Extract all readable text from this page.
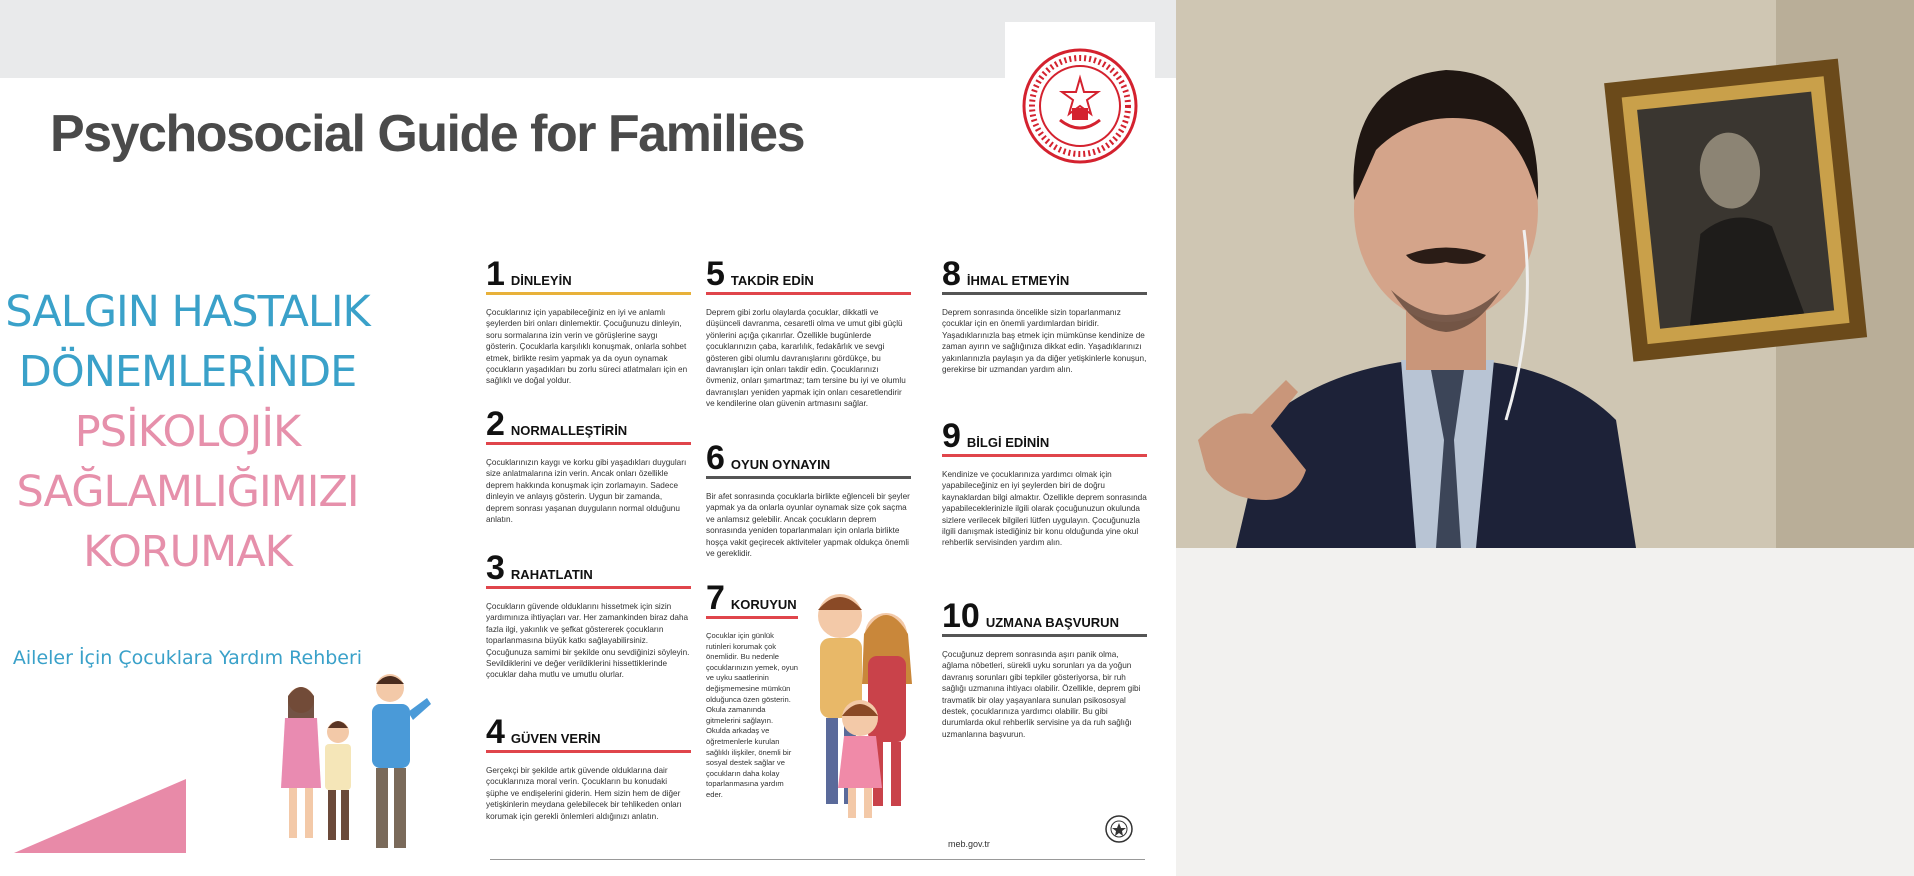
Psychosocial Guide for Families
SALGIN HASTALIK
DÖNEMLERİNDE
PSİKOLOJİK
SAĞLAMLIĞIMIZI
KORUMAK
Aileler İçin Çocuklara Yardım Rehberi
1 DİNLEYİN
Çocuklarınız için yapabileceğiniz en iyi ve anlamlı şeylerden biri onları dinlemektir. Çocuğunuzu dinleyin, soru sormalarına izin verin ve görüşlerine saygı gösterin. Çocuklarla karşılıklı konuşmak, onlarla sohbet etmek, birlikte resim yapmak ya da oyun oynamak çocukların yaşadıkları bu zorlu süreci atlatmaları için en sağlıklı ve doğal yoldur.
2 NORMALLEŞTİRİN
Çocuklarınızın kaygı ve korku gibi yaşadıkları duyguları size anlatmalarına izin verin. Ancak onları özellikle deprem hakkında konuşmak için zorlamayın. Sadece dinleyin ve anlayış gösterin. Uygun bir zamanda, deprem sonrası yaşanan duyguların normal olduğunu anlatın.
3 RAHATLATIN
Çocukların güvende olduklarını hissetmek için sizin yardımınıza ihtiyaçları var. Her zamankinden biraz daha fazla ilgi, yakınlık ve şefkat göstererek çocukların toparlanmasına büyük katkı sağlayabilirsiniz. Çocuğunuza samimi bir şekilde onu sevdiğinizi söyleyin. Sevildiklerini ve değer verildiklerini hissettiklerinde çocuklar daha mutlu ve umutlu olurlar.
4 GÜVEN VERİN
Gerçekçi bir şekilde artık güvende olduklarına dair çocuklarınıza moral verin. Çocukların bu konudaki şüphe ve endişelerini giderin. Hem sizin hem de diğer yetişkinlerin meydana gelebilecek bir tehlikeden onları korumak için gerekli önlemleri aldığınızı anlatın.
5 TAKDİR EDİN
Deprem gibi zorlu olaylarda çocuklar, dikkatli ve düşünceli davranma, cesaretli olma ve umut gibi güçlü yönlerini açığa çıkarırlar. Özellikle bugünlerde çocuklarınızın çaba, kararlılık, fedakârlık ve sevgi gösteren gibi olumlu davranışlarını gördükçe, bu davranışları için onları takdir edin. Çocuklarınızı övmeniz, onları şımartmaz; tam tersine bu iyi ve olumlu davranışları yeniden yapmak için onları cesaretlendirir ve kendilerine olan güvenin artmasını sağlar.
6 OYUN OYNAYIN
Bir afet sonrasında çocuklarla birlikte eğlenceli bir şeyler yapmak ya da onlarla oyunlar oynamak size çok saçma ve anlamsız gelebilir. Ancak çocukların deprem sonrasında yeniden toparlanmaları için onlarla birlikte hoşça vakit geçirecek aktiviteler yapmak oldukça önemli ve gereklidir.
7 KORUYUN
Çocuklar için günlük rutinleri korumak çok önemlidir. Bu nedenle çocuklarınızın yemek, oyun ve uyku saatlerinin değişmemesine mümkün olduğunca özen gösterin. Okula zamanında gitmelerini sağlayın. Okulda arkadaş ve öğretmenlerle kurulan sağlıklı ilişkiler, önemli bir sosyal destek sağlar ve çocukların daha kolay toparlanmasına yardım eder.
8 İHMAL ETMEYİN
Deprem sonrasında öncelikle sizin toparlanmanız çocuklar için en önemli yardımlardan biridir. Yaşadıklarınızla baş etmek için mümkünse kendinize de zaman ayırın ve sağlığınıza dikkat edin. Yaşadıklarınızı yakınlarınızla paylaşın ya da diğer yetişkinlerle konuşun, gerekirse bir uzmandan yardım alın.
9 BİLGİ EDİNİN
Kendinize ve çocuklarınıza yardımcı olmak için yapabileceğiniz en iyi şeylerden biri de doğru kaynaklardan bilgi almaktır. Özellikle deprem sonrasında yapabileceklerinizle ilgili olarak çocuğunuzun okulunda sizlere verilecek bilgileri lütfen uygulayın. Çocuğunuzla ilgili danışmak istediğiniz bir konu olduğunda yine okul rehberlik servisinden yardım alın.
10 UZMANA BAŞVURUN
Çocuğunuz deprem sonrasında aşırı panik olma, ağlama nöbetleri, sürekli uyku sorunları ya da yoğun davranış sorunları gibi tepkiler gösteriyorsa, bir ruh sağlığı uzmanına ihtiyacı olabilir. Özellikle, deprem gibi travmatik bir olay yaşayanlara sunulan psikososyal destek, çocuklarınıza yardımcı olabilir. Bu gibi durumlarda okul rehberlik servisine ya da ruh sağlığı uzmanlarına başvurun.
meb.gov.tr
